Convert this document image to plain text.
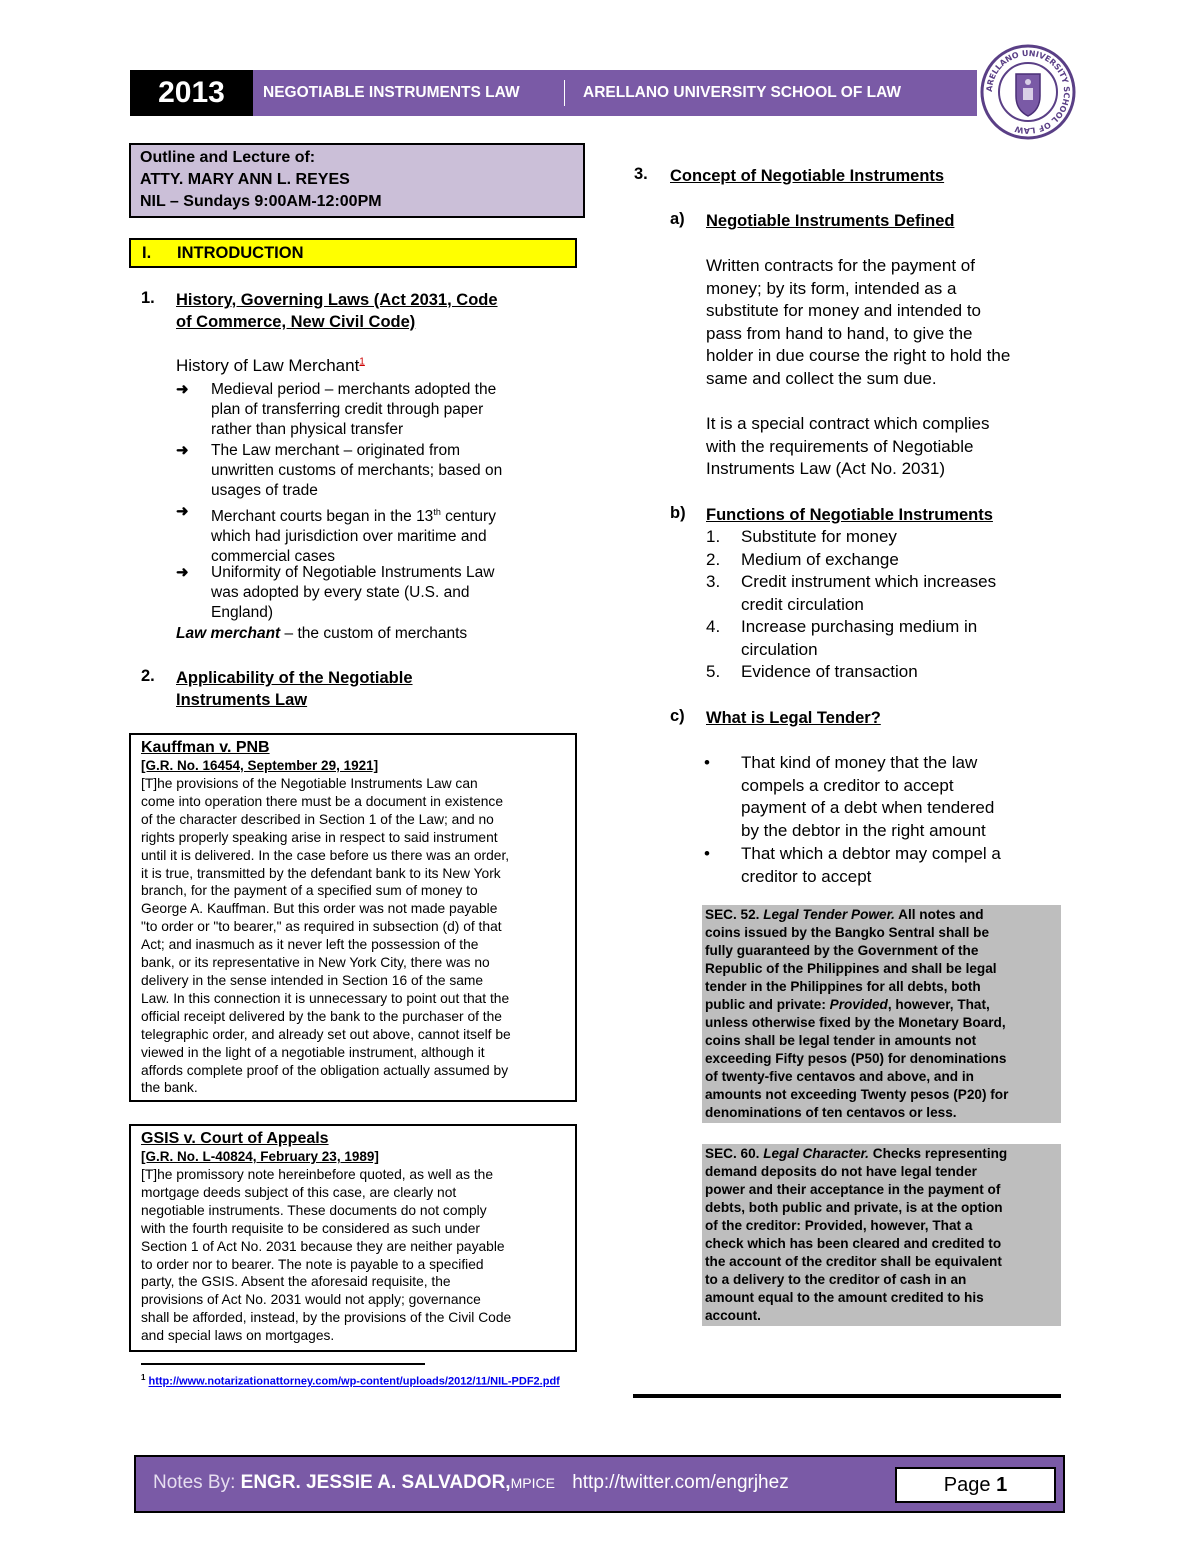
2013	NEGOTIABLE INSTRUMENTS LAW	ARELLANO UNIVERSITY SCHOOL OF LAW	ARELLANO UNIVERSITY SCHOOL OF LAW
Outline and Lecture of:
ATTY. MARY ANN L. REYES
NIL – Sundays 9:00AM-12:00PM
I. INTRODUCTION
1. History, Governing Laws (Act 2031, Code
of Commerce, New Civil Code)
History of Law Merchant$^1$
➜ Medieval period – merchants adopted the
plan of transferring credit through paper
rather than physical transfer
➜ The Law merchant – originated from
unwritten customs of merchants; based on
usages of trade
➜ Merchant courts began in the 13th century
which had jurisdiction over maritime and
commercial cases
➜ Uniformity of Negotiable Instruments Law
was adopted by every state (U.S. and
England)
Law merchant – the custom of merchants
2. Applicability of the Negotiable
Instruments Law
Kauffman v. PNB
[G.R. No. 16454, September 29, 1921]
[T]he provisions of the Negotiable Instruments Law can
come into operation there must be a document in existence
of the character described in Section 1 of the Law; and no
rights properly speaking arise in respect to said instrument
until it is delivered. In the case before us there was an order,
it is true, transmitted by the defendant bank to its New York
branch, for the payment of a specified sum of money to
George A. Kauffman. But this order was not made payable
"to order or "to bearer," as required in subsection (d) of that
Act; and inasmuch as it never left the possession of the
bank, or its representative in New York City, there was no
delivery in the sense intended in Section 16 of the same
Law. In this connection it is unnecessary to point out that the
official receipt delivered by the bank to the purchaser of the
telegraphic order, and already set out above, cannot itself be
viewed in the light of a negotiable instrument, although it
affords complete proof of the obligation actually assumed by
the bank.
GSIS v. Court of Appeals
[G.R. No. L-40824, February 23, 1989]
[T]he promissory note hereinbefore quoted, as well as the
mortgage deeds subject of this case, are clearly not
negotiable instruments. These documents do not comply
with the fourth requisite to be considered as such under
Section 1 of Act No. 2031 because they are neither payable
to order nor to bearer. The note is payable to a specified
party, the GSIS. Absent the aforesaid requisite, the
provisions of Act No. 2031 would not apply; governance
shall be afforded, instead, by the provisions of the Civil Code
and special laws on mortgages.
$^1$ http://www.notarizationattorney.com/wp-content/uploads/2012/11/NIL-PDF2.pdf
3. Concept of Negotiable Instruments
a) Negotiable Instruments Defined
Written contracts for the payment of
money; by its form, intended as a
substitute for money and intended to
pass from hand to hand, to give the
holder in due course the right to hold the
same and collect the sum due.
It is a special contract which complies
with the requirements of Negotiable
Instruments Law (Act No. 2031)
b) Functions of Negotiable Instruments
1. Substitute for money
2. Medium of exchange
3. Credit instrument which increases
credit circulation
4. Increase purchasing medium in
circulation
5. Evidence of transaction
c) What is Legal Tender?
• That kind of money that the law
compels a creditor to accept
payment of a debt when tendered
by the debtor in the right amount
• That which a debtor may compel a
creditor to accept
SEC. 52. Legal Tender Power. All notes and
coins issued by the Bangko Sentral shall be
fully guaranteed by the Government of the
Republic of the Philippines and shall be legal
tender in the Philippines for all debts, both
public and private: Provided, however, That,
unless otherwise fixed by the Monetary Board,
coins shall be legal tender in amounts not
exceeding Fifty pesos (P50) for denominations
of twenty-five centavos and above, and in
amounts not exceeding Twenty pesos (P20) for
denominations of ten centavos or less.
SEC. 60. Legal Character. Checks representing
demand deposits do not have legal tender
power and their acceptance in the payment of
debts, both public and private, is at the option
of the creditor: Provided, however, That a
check which has been cleared and credited to
the account of the creditor shall be equivalent
to a delivery to the creditor of cash in an
amount equal to the amount credited to his
account.
Notes By: ENGR. JESSIE A. SALVADOR,MPICE http://twitter.com/engrjhez	Page 1
